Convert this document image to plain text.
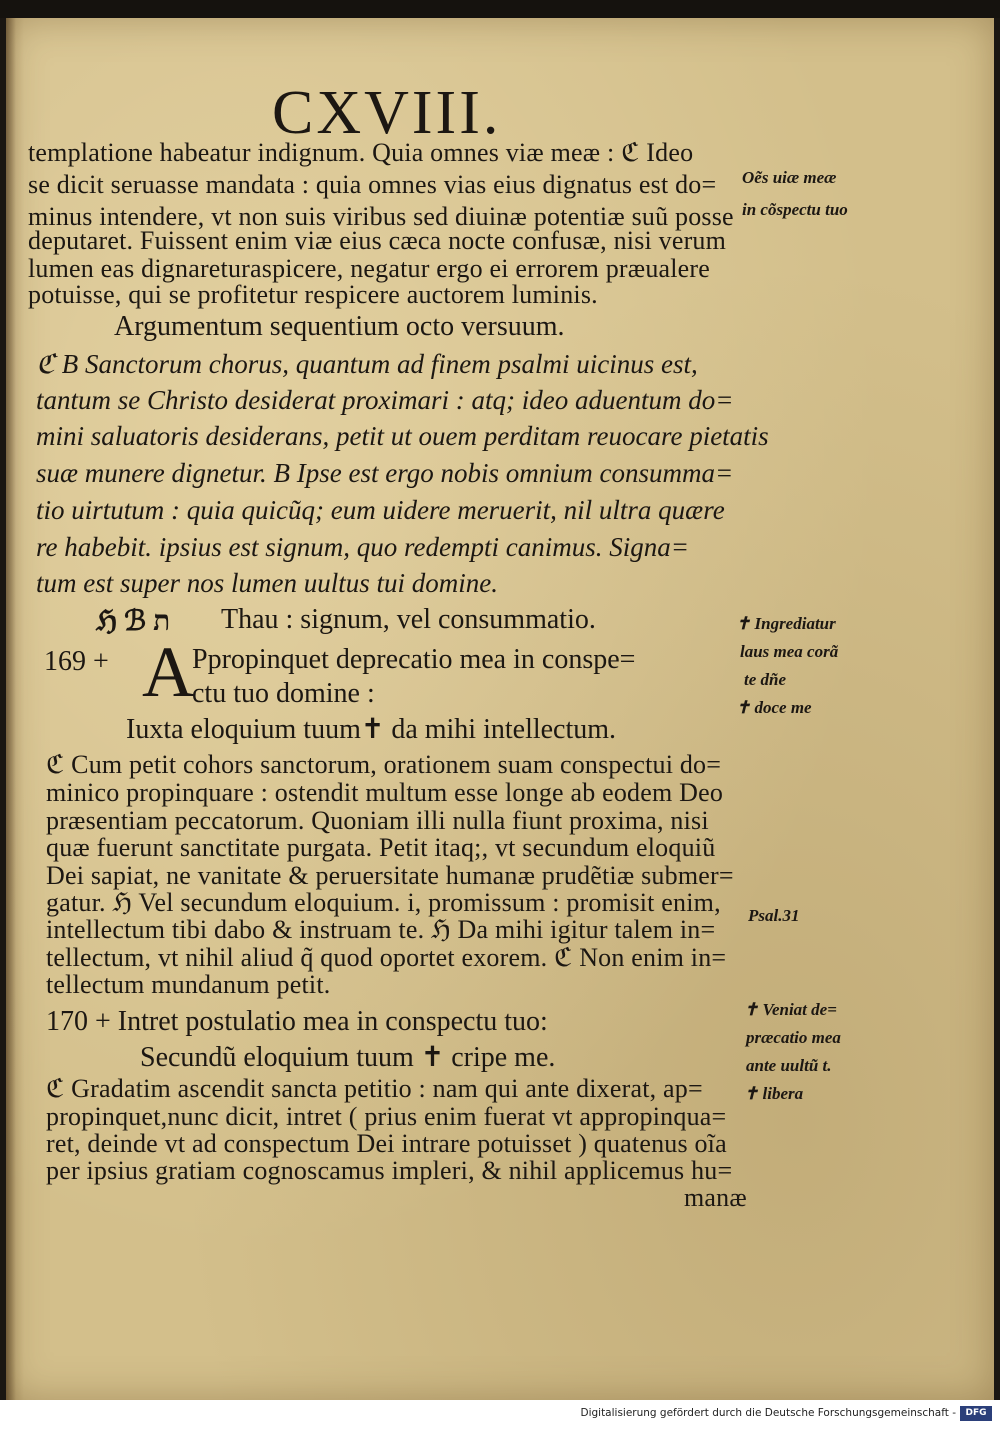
CXVIII.
templatione habeatur indignum. Quia omnes viæ meæ : ℭ Ideo
se dicit seruasse mandata : quia omnes vias eius dignatus est do=
minus intendere, vt non suis viribus sed diuinæ potentiæ suũ posse
deputaret. Fuissent enim viæ eius cæca nocte confusæ, nisi verum
lumen eas dignareturaspicere, negatur ergo ei errorem præualere
potuisse, qui se profitetur respicere auctorem luminis.
Argumentum sequentium octo versuum.
ℭ B Sanctorum chorus, quantum ad finem psalmi uicinus est,
tantum se Christo desiderat proximari : atq; ideo aduentum do=
mini saluatoris desiderans, petit ut ouem perditam reuocare pietatis
suæ munere dignetur. B Ipse est ergo nobis omnium consumma=
tio uirtutum : quia quicũq; eum uidere meruerit, nil ultra quære
re habebit. ipsius est signum, quo redempti canimus. Signa=
tum est super nos lumen uultus tui domine.
ℌ ℬ ת Thau : signum, vel consummatio.
169 + A
Ppropinquet deprecatio mea in conspe=
ctu tuo domine :
Iuxta eloquium tuum✝ da mihi intellectum.
ℭ Cum petit cohors sanctorum, orationem suam conspectui do=
minico propinquare : ostendit multum esse longe ab eodem Deo
præsentiam peccatorum. Quoniam illi nulla fiunt proxima, nisi
quæ fuerunt sanctitate purgata. Petit itaq;, vt secundum eloquiũ
Dei sapiat, ne vanitate & peruersitate humanæ prudẽtiæ submer=
gatur. ℌ Vel secundum eloquium. i, promissum : promisit enim,
intellectum tibi dabo & instruam te. ℌ Da mihi igitur talem in=
tellectum, vt nihil aliud q̃ quod oportet exorem. ℭ Non enim in=
tellectum mundanum petit.
170 + Intret postulatio mea in conspectu tuo:
Secundũ eloquium tuum ✝ cripe me.
ℭ Gradatim ascendit sancta petitio : nam qui ante dixerat, ap=
propinquet,nunc dicit, intret ( prius enim fuerat vt appropinqua=
ret, deinde vt ad conspectum Dei intrare potuisset ) quatenus oĩa
per ipsius gratiam cognoscamus impleri, & nihil applicemus hu=
manæ
Oẽs uiæ meæ
in cõspectu tuo
✝ Ingrediatur
laus mea corã
te dñe
✝ doce me
Psal.31
✝ Veniat de=
præcatio mea
ante uultũ t.
✝ libera
Digitalisierung gefördert durch die Deutsche Forschungsgemeinschaft -	DFG
